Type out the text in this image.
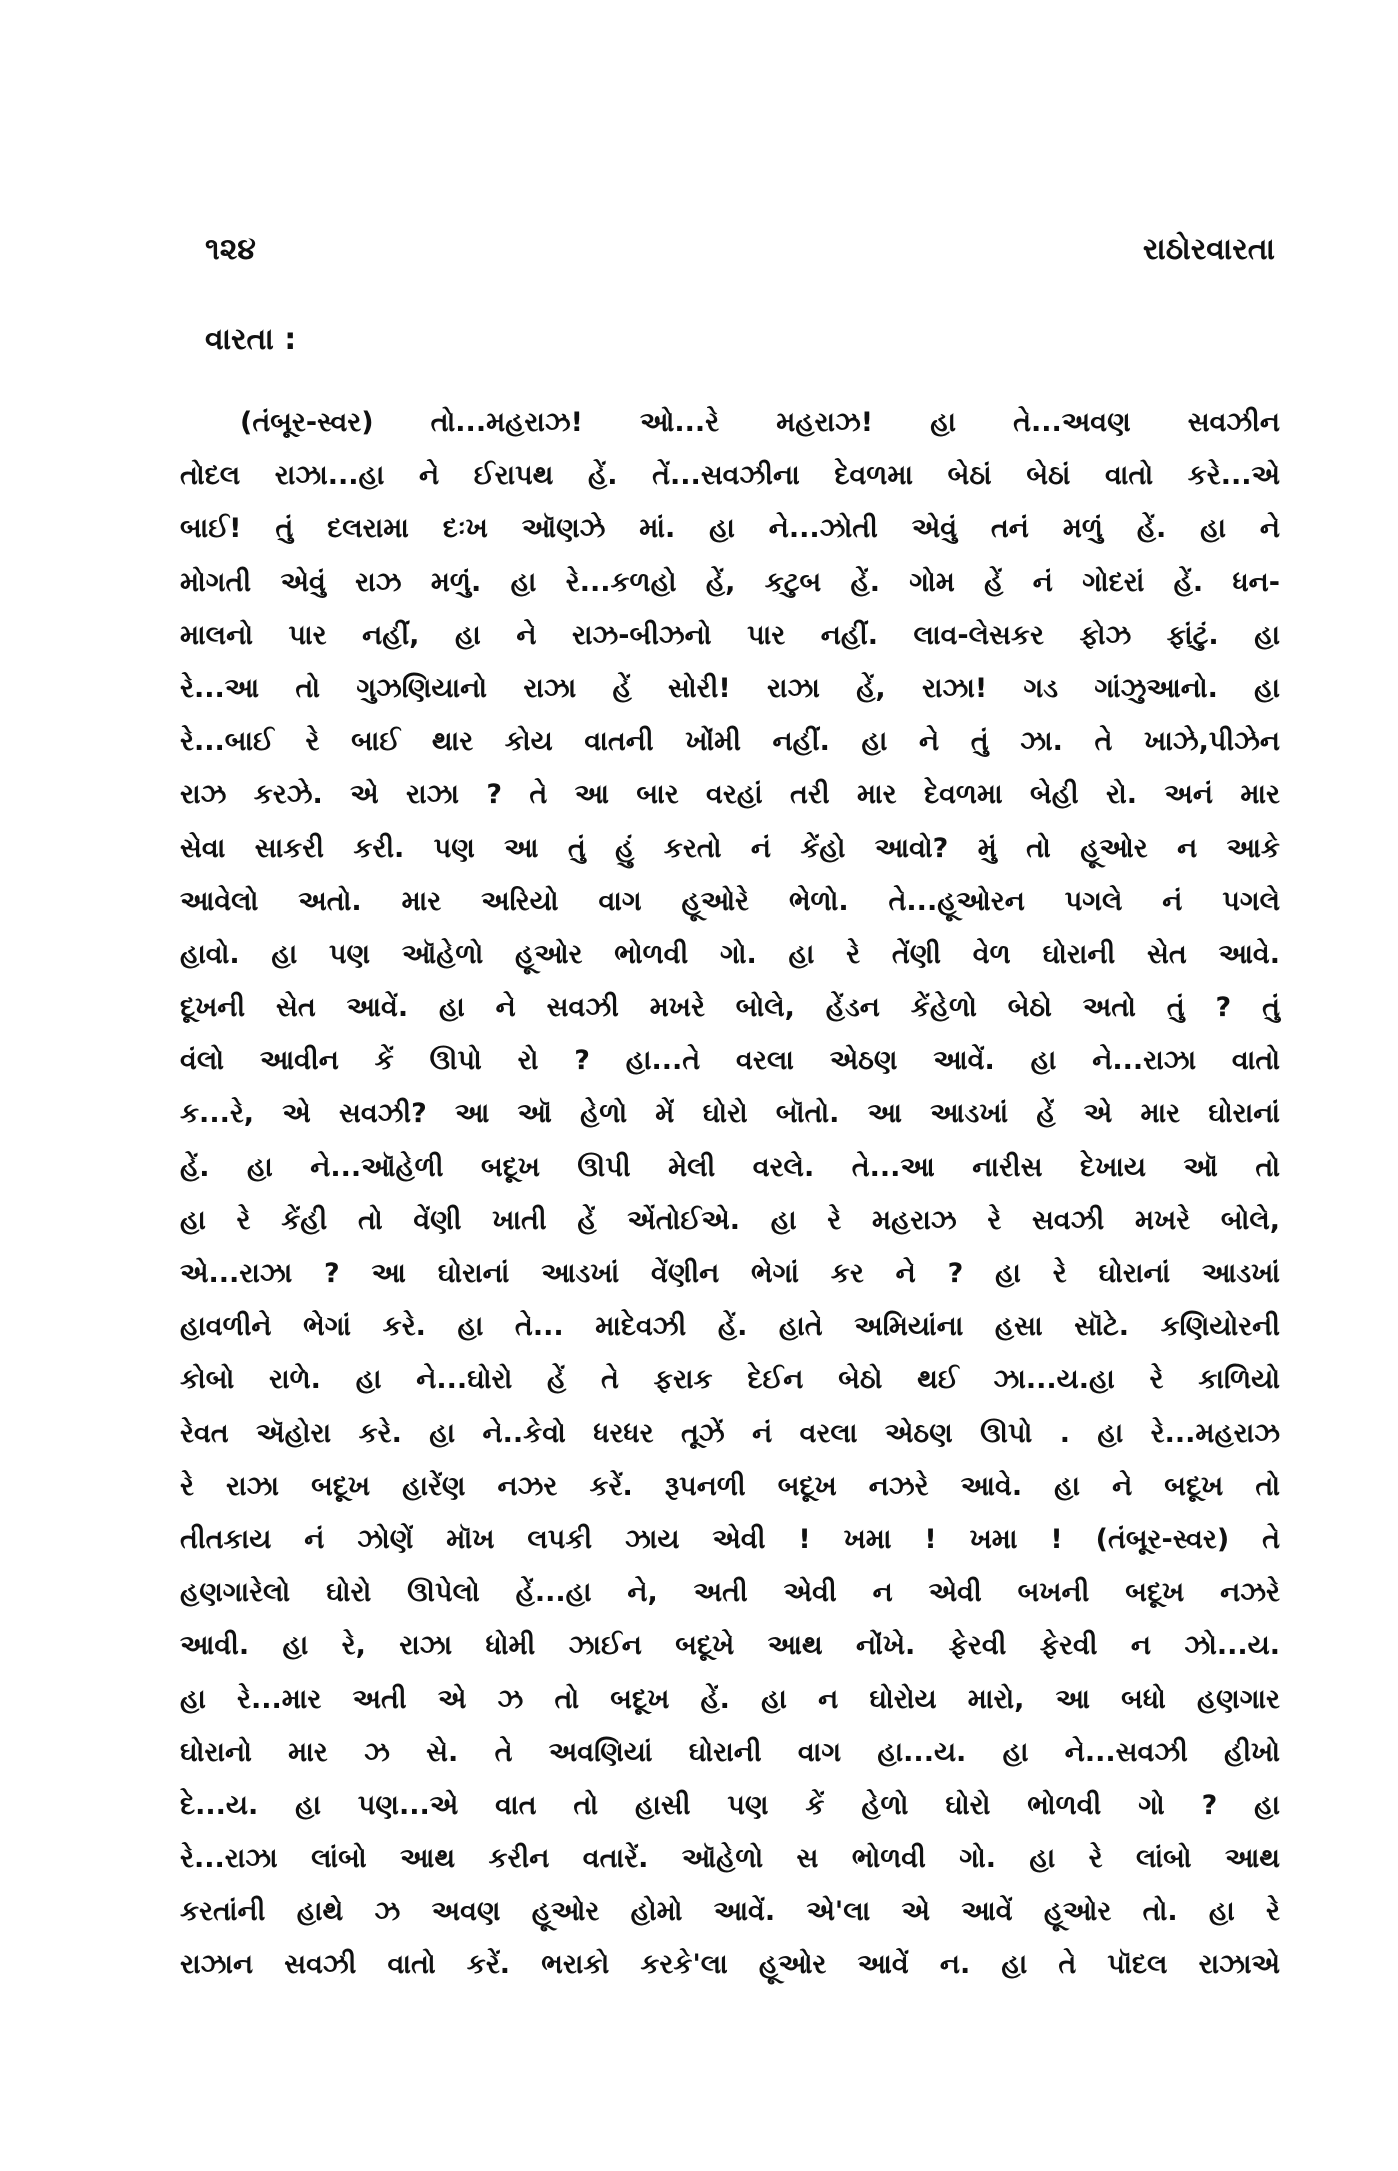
૧૨૪	રાઠોરવારતા
વારતા :
(તંબૂર-સ્વર) તો...મહરાઝ! ઓ...રે મહરાઝ! હા તે...અવણ સવઝીન
તોદલ રાઝા...હા ને ઈરાપથ હેં. તેં...સવઝીના દેવળમા બેઠાં બેઠાં વાતો કરે...એ
બાઈ! તું દલરામા દઃખ ઑણઝે માં. હા ને...ઝોતી એવું તનં મળું હેં. હા ને
મોગતી એવું રાઝ મળું. હા રે...કળહો હેં, કટુબ હેં. ગોમ હેં નં ગોદરાં હેં. ધન-
માલનો પાર નહીં, હા ને રાઝ-બીઝનો પાર નહીં. લાવ-લેસકર ફોઝ ફાંટું. હા
રે...આ તો ગુઝણિયાનો રાઝા હેં સોરી! રાઝા હેં, રાઝા! ગડ ગાંઝુઆનો. હા
રે...બાઈ રે બાઈ થાર કોય વાતની ખોંમી નહીં. હા ને તું ઝા. તે ખાઝે,પીઝેન
રાઝ કરઝે. એ રાઝા ? તે આ બાર વરહાં તરી માર દેવળમા બેહી રો. અનં માર
સેવા સાકરી કરી. પણ આ તું હું કરતો નં કેંહો આવો? મું તો હૂઓર ન આકે
આવેલો અતો. માર અરિયો વાગ હૂઓરે ભેળો. તે...હૂઓરન પગલે નં પગલે
હાવો. હા પણ ઑહેળો હૂઓર ભોળવી ગો. હા રે તેંણી વેળ ઘોરાની સેત આવે.
દૂખની સેત આવેં. હા ને સવઝી મખરે બોલે, હેંડન કેંહેળો બેઠો અતો તું ? તું
વંલો આવીન કેં ઊપો રો ? હા...તે વરલા એઠણ આવેં. હા ને...રાઝા વાતો
ક...રે, એ સવઝી? આ ઑ હેળો મેં ઘોરો બૉતો. આ આડખાં હેં એ માર ઘોરાનાં
હેં. હા ને...ઑહેળી બદૂખ ઊપી મેલી વરલે. તે...આ નારીસ દેખાય ઑ તો
હા રે કેંહી તો વેંણી ખાતી હેં એંતોઈએ. હા રે મહરાઝ રે સવઝી મખરે બોલે,
એ...રાઝા ? આ ઘોરાનાં આડખાં વેંણીન ભેગાં કર ને ? હા રે ઘોરાનાં આડખાં
હાવળીને ભેગાં કરે. હા તે... માદેવઝી હેં. હાતે અમિયાંના હસા સૉટે. કણિયોરની
કોબો રાળે. હા ને...ઘોરો હેં તે ફરાક દેઈન બેઠો થઈ ઝા...ય.હા રે કાળિયો
રેવત ઍહોરા કરે. હા ને..કેવો ધરધર તૂઝેં નં વરલા એઠણ ઊપો . હા રે...મહરાઝ
રે રાઝા બદૂખ હારેંણ નઝર કરેં. રૂપનળી બદૂખ નઝરે આવે. હા ને બદૂખ તો
તીતકાય નં ઝોણેં મૉખ લપકી ઝાય એવી ! ખમા ! ખમા ! (તંબૂર-સ્વર) તે
હણગારેલો ઘોરો ઊપેલો હેં...હા ને, અતી એવી ન એવી બખની બદૂખ નઝરે
આવી. હા રે, રાઝા ધોમી ઝાઈન બદૂખે આથ નોંખે. ફેરવી ફેરવી ન ઝો...ય.
હા રે...માર અતી એ ઝ તો બદૂખ હેં. હા ન ઘોરોય મારો, આ બધો હણગાર
ઘોરાનો માર ઝ સે. તે અવણિયાં ઘોરાની વાગ હા...ય. હા ને...સવઝી હીખો
દે...ય. હા પણ...એ વાત તો હાસી પણ કેં હેળો ઘોરો ભોળવી ગો ? હા
રે...રાઝા લાંબો આથ કરીન વતારેં. ઑહેળો સ ભોળવી ગો. હા રે લાંબો આથ
કરતાંની હાથે ઝ અવણ હૂઓર હોમો આવેં. એ'લા એ આવેં હૂઓર તો. હા રે
રાઝાન સવઝી વાતો કરેં. ભરાકો કરકે'લા હૂઓર આવેં ન. હા તે પૉદલ રાઝાએ
